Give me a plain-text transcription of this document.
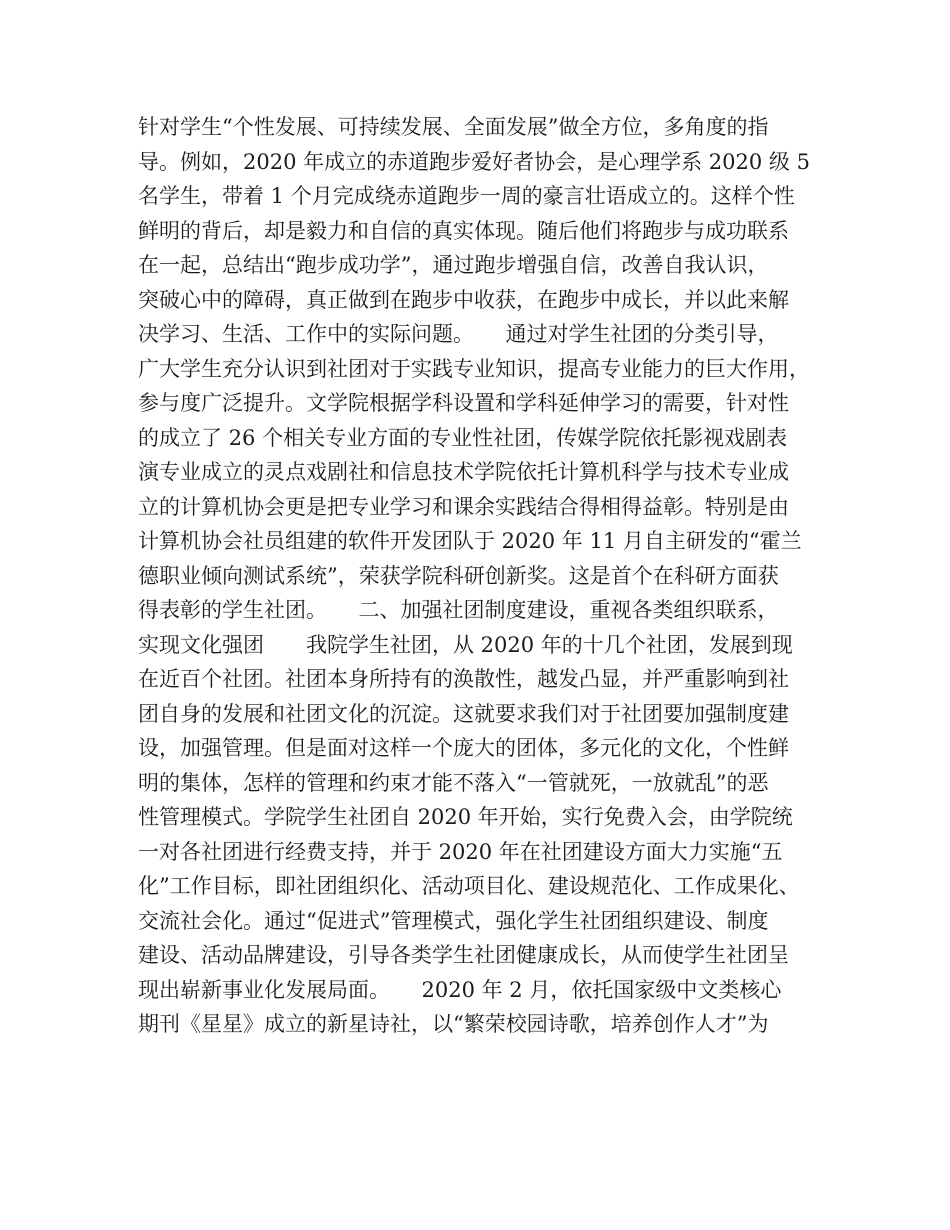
针对学生“个性发展、可持续发展、全面发展”做全方位，多角度的指
导。例如，2020 年成立的赤道跑步爱好者协会，是心理学系 2020 级 5
名学生，带着 1 个月完成绕赤道跑步一周的豪言壮语成立的。这样个性
鲜明的背后，却是毅力和自信的真实体现。随后他们将跑步与成功联系
在一起，总结出“跑步成功学”，通过跑步增强自信，改善自我认识，
突破心中的障碍，真正做到在跑步中收获，在跑步中成长，并以此来解
决学习、生活、工作中的实际问题。　　通过对学生社团的分类引导，
广大学生充分认识到社团对于实践专业知识，提高专业能力的巨大作用，
参与度广泛提升。文学院根据学科设置和学科延伸学习的需要，针对性
的成立了 26 个相关专业方面的专业性社团，传媒学院依托影视戏剧表
演专业成立的灵点戏剧社和信息技术学院依托计算机科学与技术专业成
立的计算机协会更是把专业学习和课余实践结合得相得益彰。特别是由
计算机协会社员组建的软件开发团队于 2020 年 11 月自主研发的“霍兰
德职业倾向测试系统”，荣获学院科研创新奖。这是首个在科研方面获
得表彰的学生社团。　　二、加强社团制度建设，重视各类组织联系，
实现文化强团　　我院学生社团，从 2020 年的十几个社团，发展到现
在近百个社团。社团本身所持有的涣散性，越发凸显，并严重影响到社
团自身的发展和社团文化的沉淀。这就要求我们对于社团要加强制度建
设，加强管理。但是面对这样一个庞大的团体，多元化的文化，个性鲜
明的集体，怎样的管理和约束才能不落入“一管就死，一放就乱”的恶
性管理模式。学院学生社团自 2020 年开始，实行免费入会，由学院统
一对各社团进行经费支持，并于 2020 年在社团建设方面大力实施“五
化”工作目标，即社团组织化、活动项目化、建设规范化、工作成果化、
交流社会化。通过“促进式”管理模式，强化学生社团组织建设、制度
建设、活动品牌建设，引导各类学生社团健康成长，从而使学生社团呈
现出崭新事业化发展局面。　　2020 年 2 月，依托国家级中文类核心
期刊《星星》成立的新星诗社，以“繁荣校园诗歌，培养创作人才”为
